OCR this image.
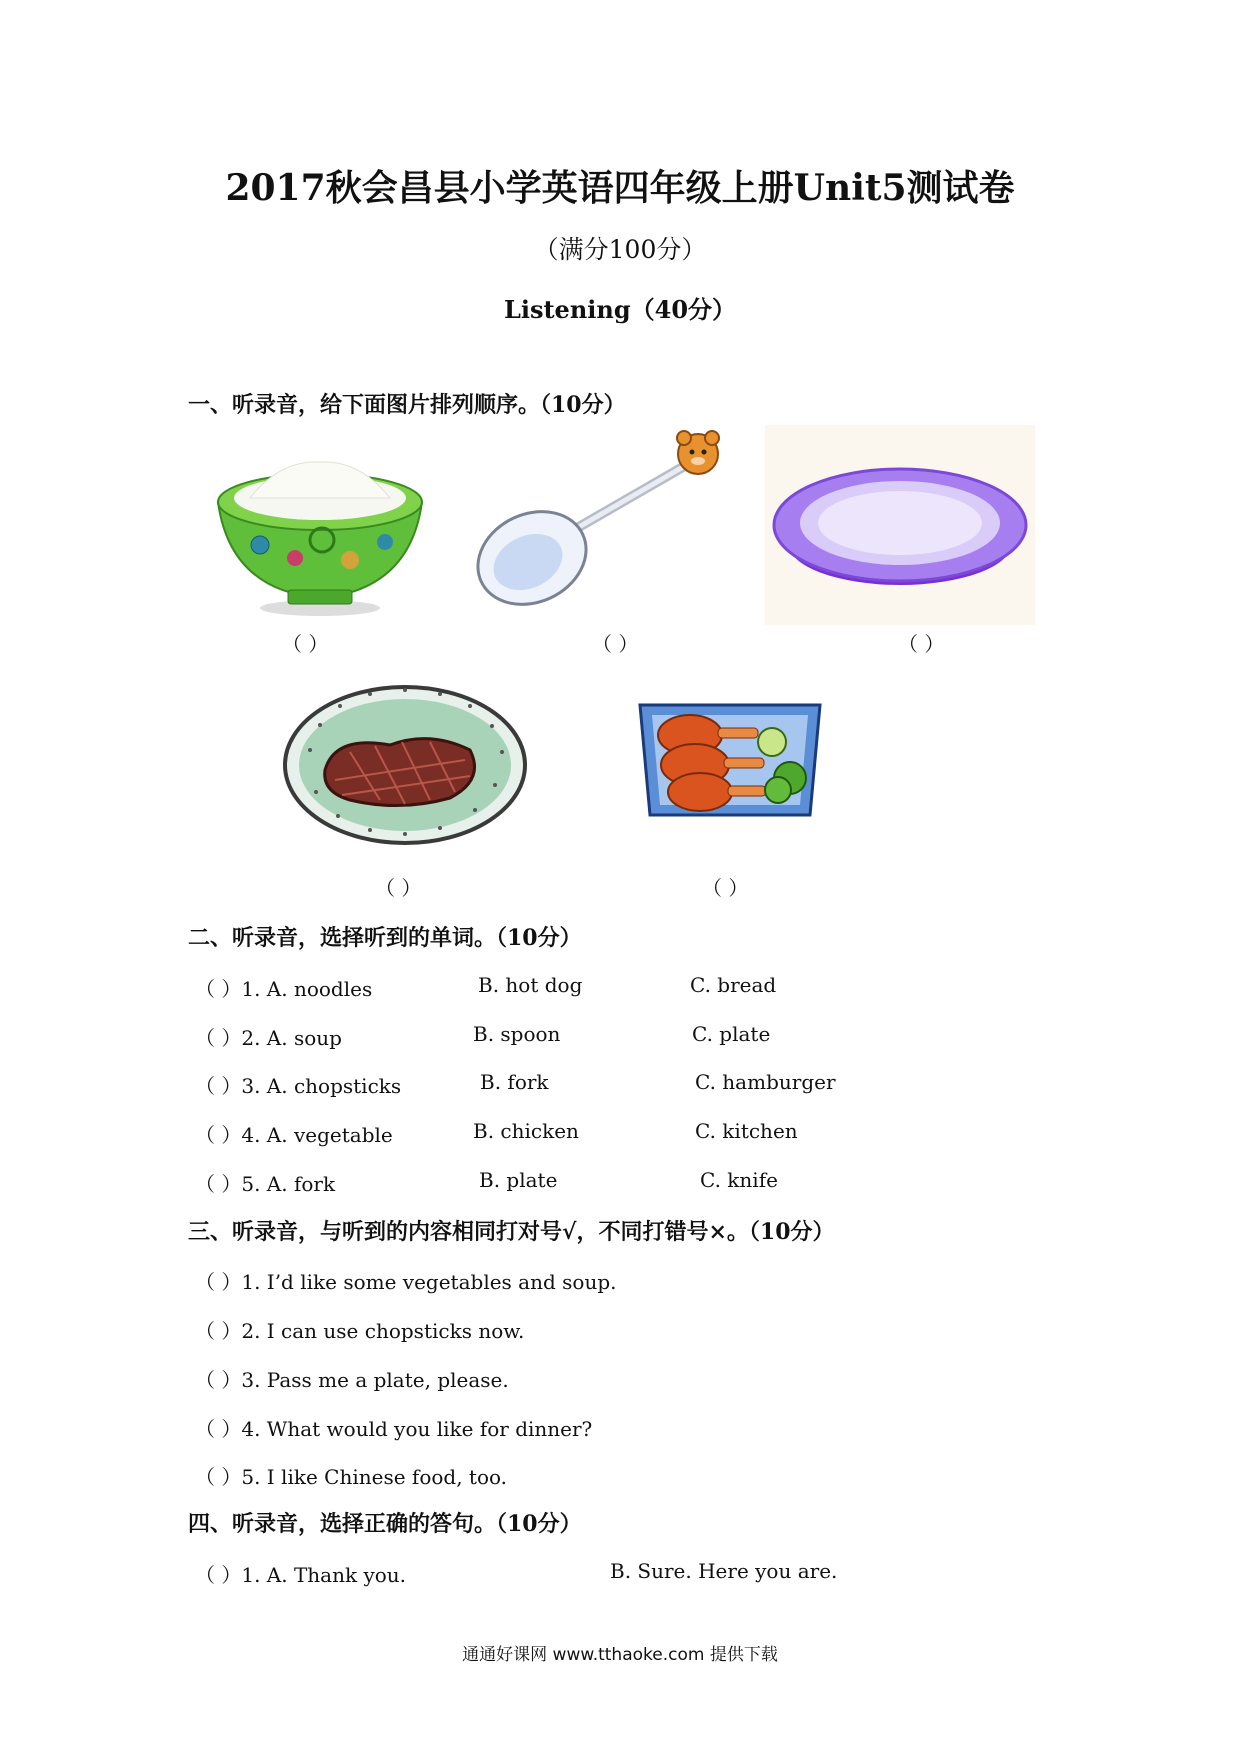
2017秋会昌县小学英语四年级上册Unit5测试卷
（满分100分）
Listening（40分）
一、听录音，给下面图片排列顺序。（10分）
（ ）	（ ）	（ ）
（ ）	（ ）
二、听录音，选择听到的单词。（10分）
（ ）1. A. noodles	B. hot dog	C. bread
（ ）2. A. soup	B. spoon	C. plate
（ ）3. A. chopsticks	B. fork	C. hamburger
（ ）4. A. vegetable	B. chicken	C. kitchen
（ ）5. A. fork	B. plate	C. knife
三、听录音，与听到的内容相同打对号√，不同打错号×。（10分）
（ ）1. I’d like some vegetables and soup.
（ ）2. I can use chopsticks now.
（ ）3. Pass me a plate, please.
（ ）4. What would you like for dinner?
（ ）5. I like Chinese food, too.
四、听录音，选择正确的答句。（10分）
（ ）1. A. Thank you.	B. Sure. Here you are.
通通好课网 www.tthaoke.com 提供下载
